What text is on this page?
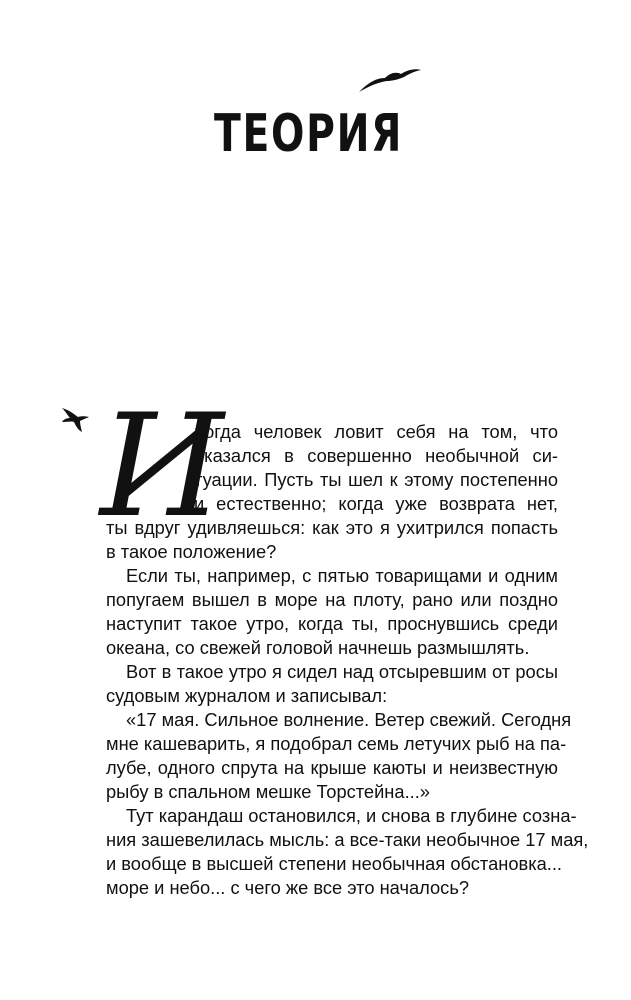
ТЕОРИЯ
И
ногда человек ловит себя на том, что
оказался в совершенно необычной си-
туации. Пусть ты шел к этому постепенно
и естественно; когда уже возврата нет,
ты вдруг удивляешься: как это я ухитрился попасть
в такое положение?
Если ты, например, с пятью товарищами и одним
попугаем вышел в море на плоту, рано или поздно
наступит такое утро, когда ты, проснувшись среди
океана, со свежей головой начнешь размышлять.
Вот в такое утро я сидел над отсыревшим от росы
судовым журналом и записывал:
«17 мая. Сильное волнение. Ветер свежий. Сегодня
мне кашеварить, я подобрал семь летучих рыб на па-
лубе, одного спрута на крыше каюты и неизвестную
рыбу в спальном мешке Торстейна...»
Тут карандаш остановился, и снова в глубине созна-
ния зашевелилась мысль: а все-таки необычное 17 мая,
и вообще в высшей степени необычная обстановка...
море и небо... с чего же все это началось?
